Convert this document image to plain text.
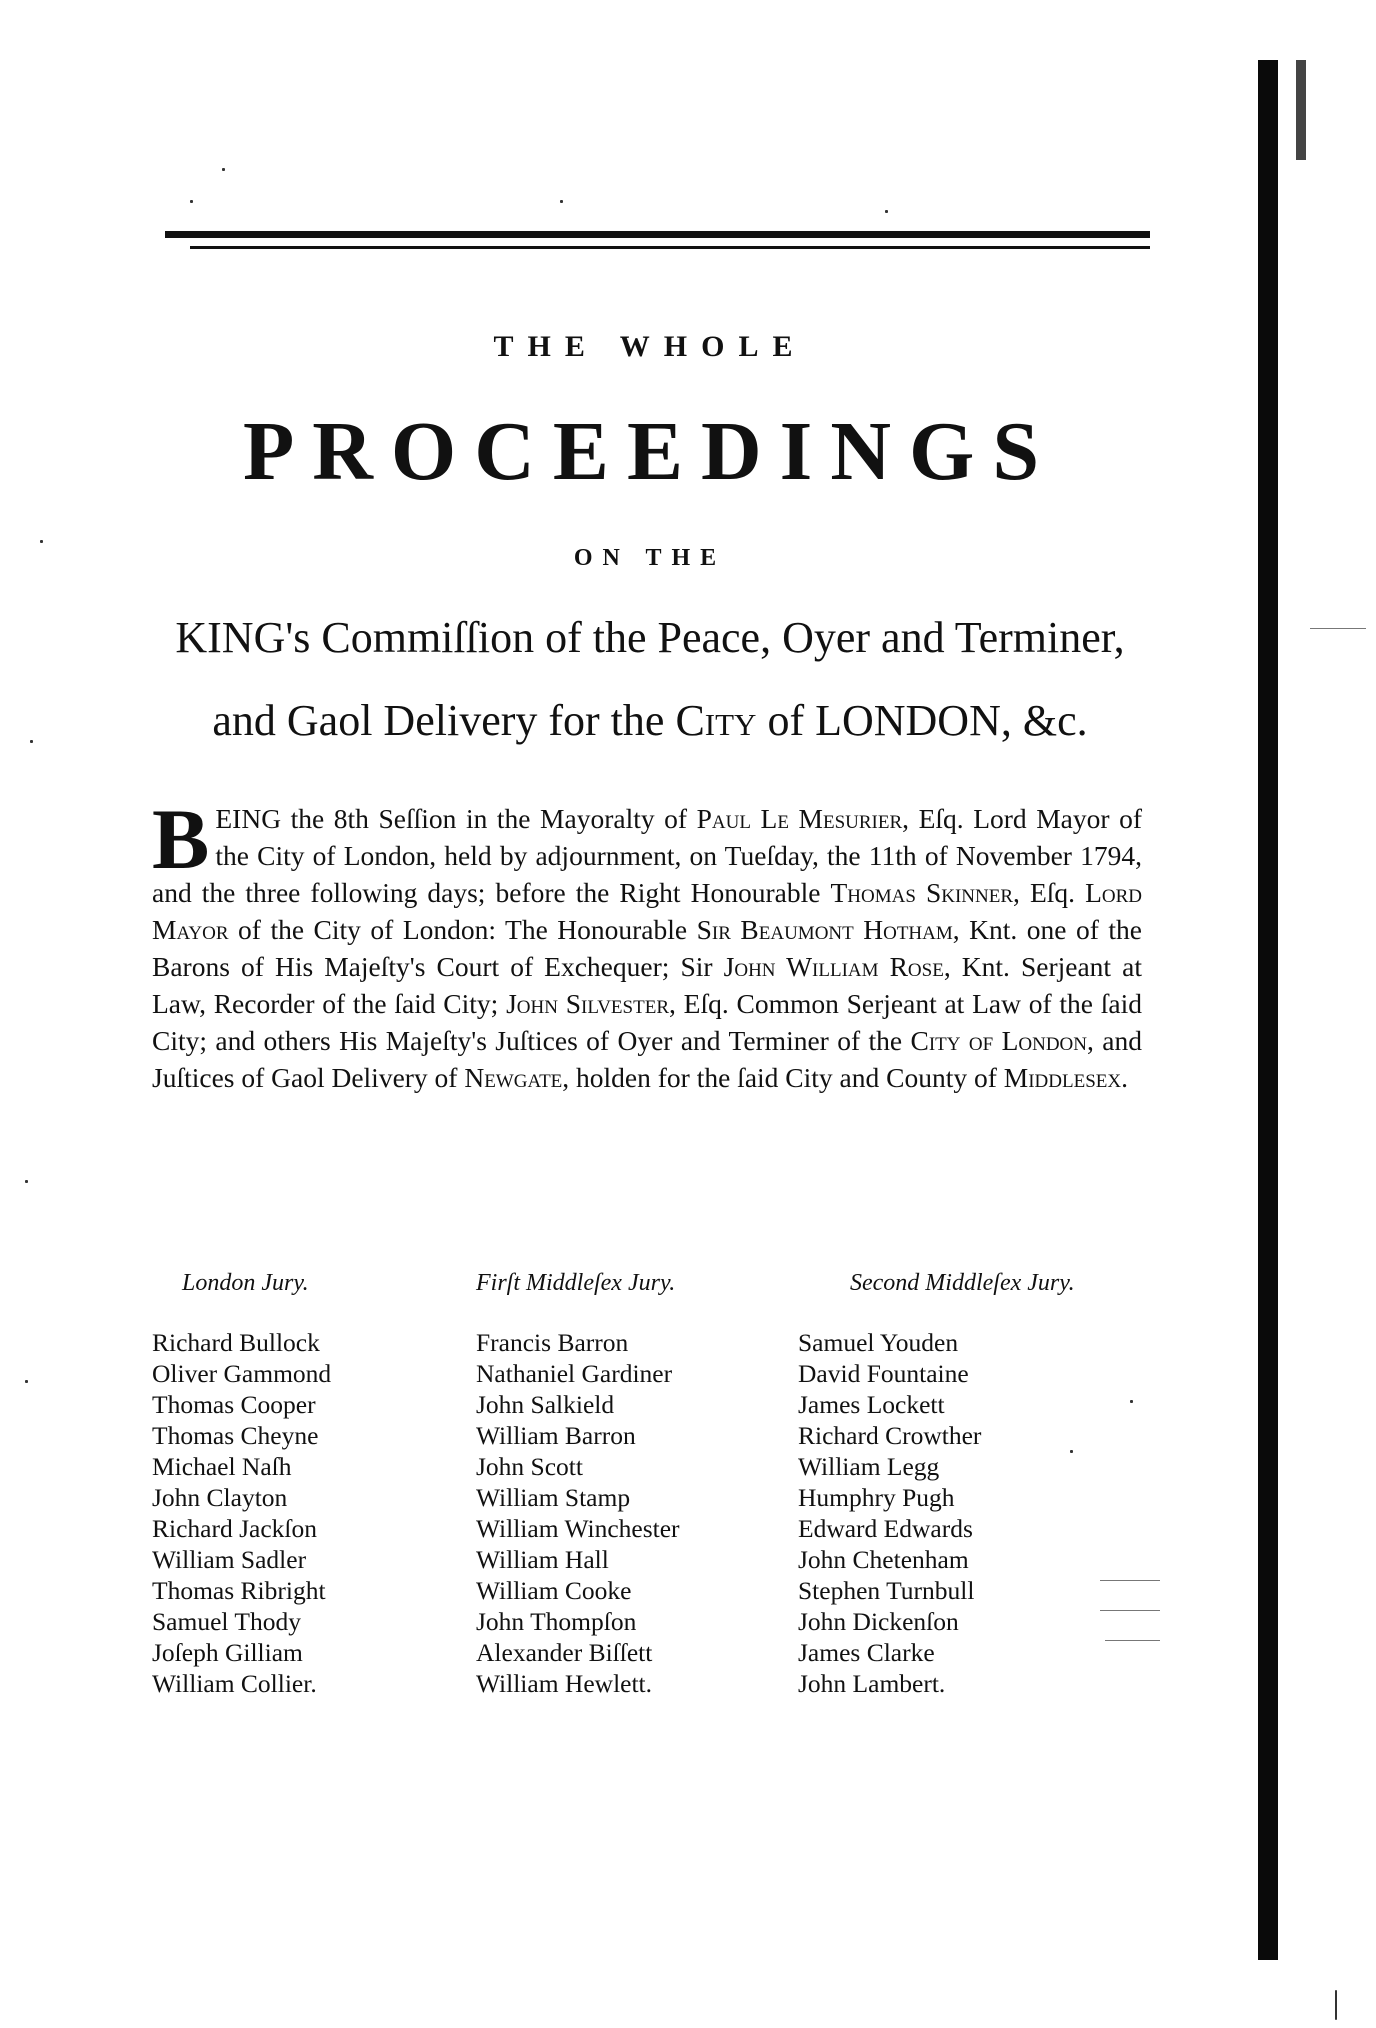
THE WHOLE
PROCEEDINGS
ON THE
KING's Commiſſion of the Peace, Oyer and Terminer,
and Gaol Delivery for the City of LONDON, &c.
BEING the 8th Seſſion in the Mayoralty of Paul Le Mesurier, Eſq. Lord Mayor of the City of London, held by adjournment, on Tueſday, the 11th of November 1794, and the three following days; before the Right Honourable Thomas Skinner, Eſq. Lord Mayor of the City of London: The Honourable Sir Beaumont Hotham, Knt. one of the Barons of His Majeſty's Court of Exchequer; Sir John William Rose, Knt. Serjeant at Law, Recorder of the ſaid City; John Silvester, Eſq. Common Serjeant at Law of the ſaid City; and others His Majeſty's Juſtices of Oyer and Terminer of the City of London, and Juſtices of Gaol Delivery of Newgate, holden for the ſaid City and County of Middlesex.
London Jury.
Richard Bullock
Oliver Gammond
Thomas Cooper
Thomas Cheyne
Michael Naſh
John Clayton
Richard Jackſon
William Sadler
Thomas Ribright
Samuel Thody
Joſeph Gilliam
William Collier.
Firſt Middleſex Jury.
Francis Barron
Nathaniel Gardiner
John Salkield
William Barron
John Scott
William Stamp
William Winchester
William Hall
William Cooke
John Thompſon
Alexander Biſſett
William Hewlett.
Second Middleſex Jury.
Samuel Youden
David Fountaine
James Lockett
Richard Crowther
William Legg
Humphry Pugh
Edward Edwards
John Chetenham
Stephen Turnbull
John Dickenſon
James Clarke
John Lambert.
